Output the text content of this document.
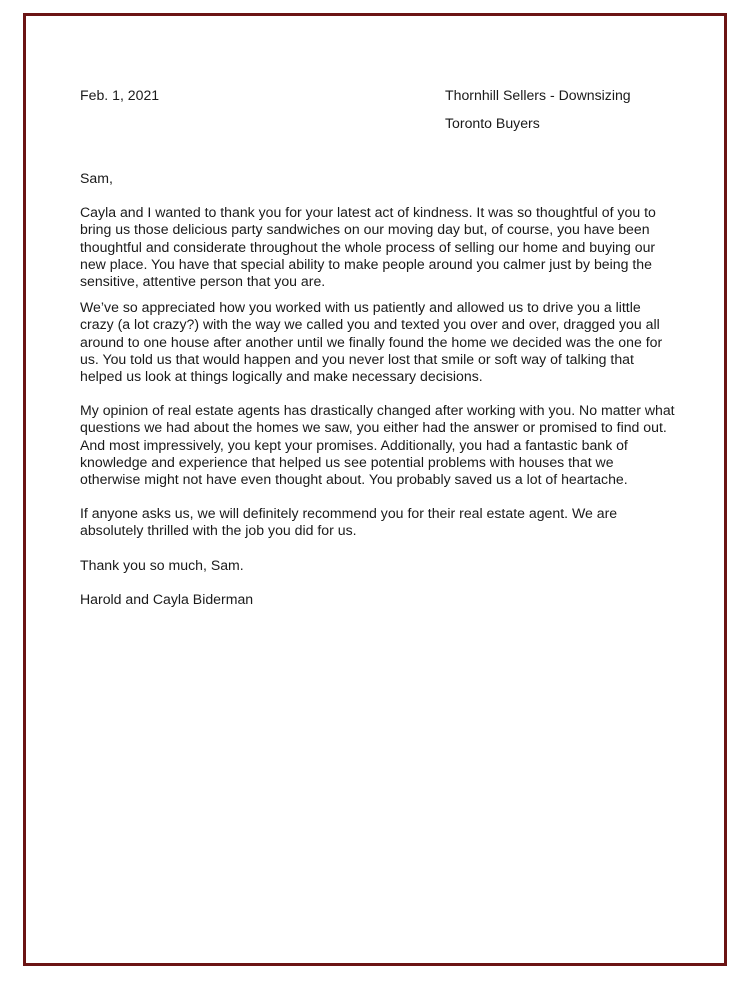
Feb. 1, 2021	Thornhill Sellers - Downsizing
Toronto Buyers

Sam,

Cayla and I wanted to thank you for your latest act of kindness. It was so thoughtful of you to bring us those delicious party sandwiches on our moving day but, of course, you have been thoughtful and considerate throughout the whole process of selling our home and buying our new place. You have that special ability to make people around you calmer just by being the sensitive, attentive person that you are.

We’ve so appreciated how you worked with us patiently and allowed us to drive you a little crazy (a lot crazy?) with the way we called you and texted you over and over, dragged you all around to one house after another until we finally found the home we decided was the one for us. You told us that would happen and you never lost that smile or soft way of talking that helped us look at things logically and make necessary decisions.

My opinion of real estate agents has drastically changed after working with you. No matter what questions we had about the homes we saw, you either had the answer or promised to find out. And most impressively, you kept your promises. Additionally, you had a fantastic bank of knowledge and experience that helped us see potential problems with houses that we otherwise might not have even thought about. You probably saved us a lot of heartache.

If anyone asks us, we will definitely recommend you for their real estate agent. We are absolutely thrilled with the job you did for us.

Thank you so much, Sam.

Harold and Cayla Biderman
